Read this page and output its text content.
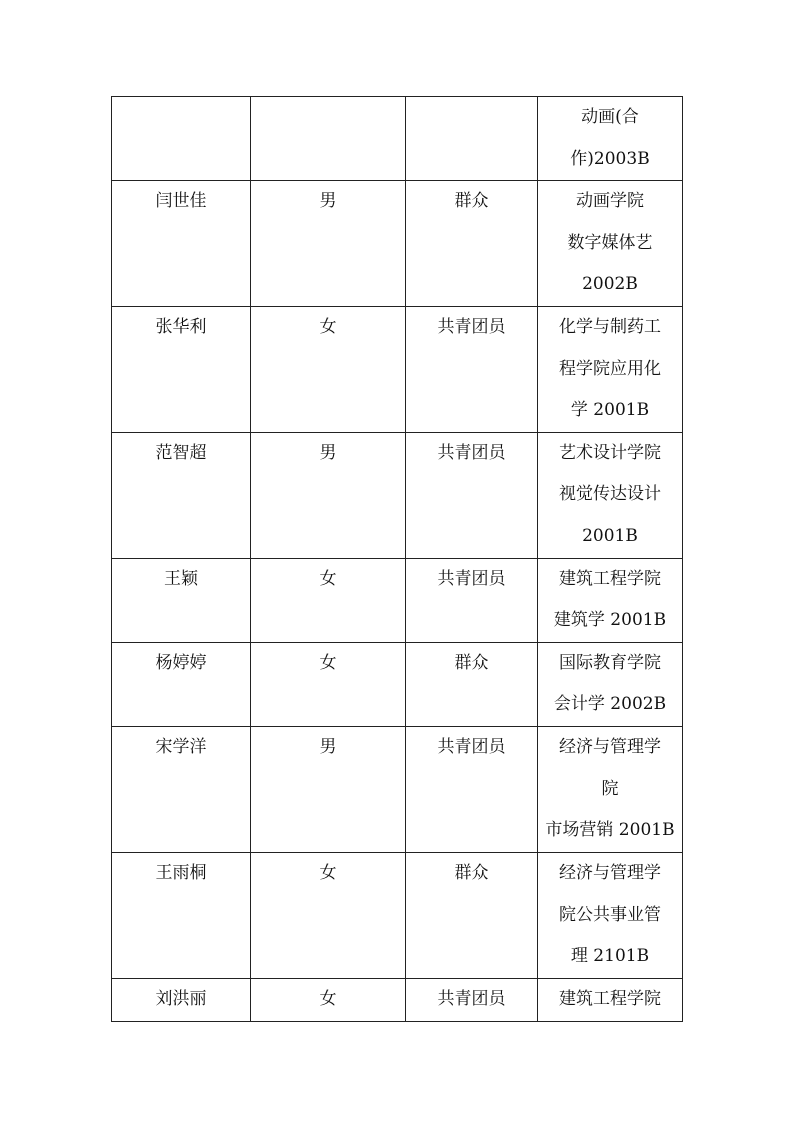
			动画(合
作)2003B

闫世佳	男	群众	动画学院
数字媒体艺
2002B

张华利	女	共青团员	化学与制药工
程学院应用化
学 2001B

范智超	男	共青团员	艺术设计学院
视觉传达设计
2001B

王颖	女	共青团员	建筑工程学院
建筑学 2001B

杨婷婷	女	群众	国际教育学院
会计学 2002B

宋学洋	男	共青团员	经济与管理学
院
市场营销 2001B

王雨桐	女	群众	经济与管理学
院公共事业管
理 2101B

刘洪丽	女	共青团员	建筑工程学院
